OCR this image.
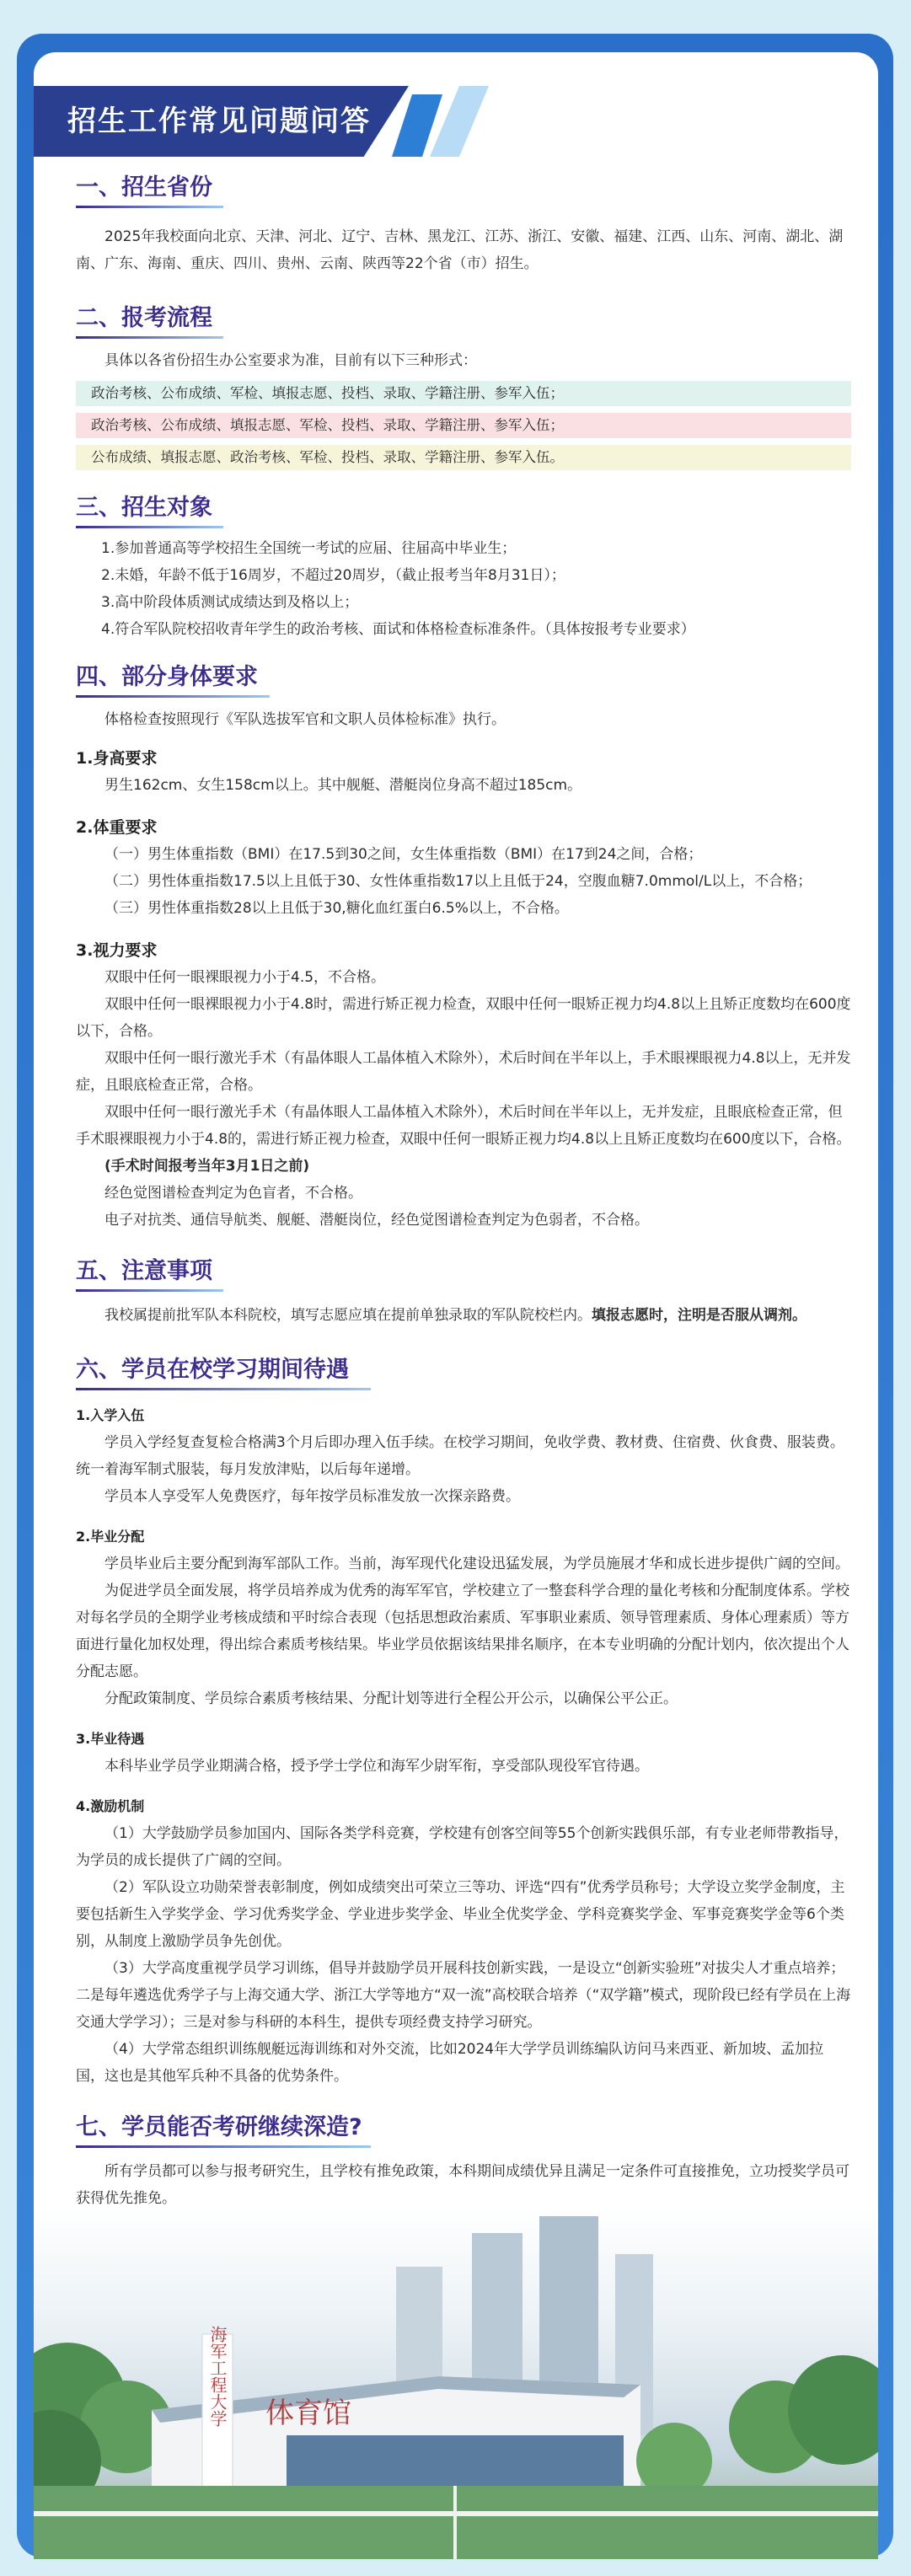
招生工作常见问题问答
海军工程大学 体育馆
一、招生省份

2025年我校面向北京、天津、河北、辽宁、吉林、黑龙江、江苏、浙江、安徽、福建、江西、山东、河南、湖北、湖南、广东、海南、重庆、四川、贵州、云南、陕西等22个省（市）招生。

二、报考流程

具体以各省份招生办公室要求为准，目前有以下三种形式：

政治考核、公布成绩、军检、填报志愿、投档、录取、学籍注册、参军入伍；
政治考核、公布成绩、填报志愿、军检、投档、录取、学籍注册、参军入伍；
公布成绩、填报志愿、政治考核、军检、投档、录取、学籍注册、参军入伍。
三、招生对象

1.参加普通高等学校招生全国统一考试的应届、往届高中毕业生；

2.未婚，年龄不低于16周岁，不超过20周岁，（截止报考当年8月31日）；

3.高中阶段体质测试成绩达到及格以上；

4.符合军队院校招收青年学生的政治考核、面试和体格检查标准条件。（具体按报考专业要求）

四、部分身体要求

体格检查按照现行《军队选拔军官和文职人员体检标准》执行。

1.身高要求

男生162cm、女生158cm以上。其中舰艇、潜艇岗位身高不超过185cm。

2.体重要求

（一）男生体重指数（BMI）在17.5到30之间，女生体重指数（BMI）在17到24之间，合格；

（二）男性体重指数17.5以上且低于30、女性体重指数17以上且低于24，空腹血糖7.0mmol/L以上，不合格；

（三）男性体重指数28以上且低于30,糖化血红蛋白6.5%以上，不合格。

3.视力要求

双眼中任何一眼裸眼视力小于4.5，不合格。

双眼中任何一眼裸眼视力小于4.8时，需进行矫正视力检查，双眼中任何一眼矫正视力均4.8以上且矫正度数均在600度以下，合格。

双眼中任何一眼行激光手术（有晶体眼人工晶体植入术除外），术后时间在半年以上，手术眼裸眼视力4.8以上，无并发症，且眼底检查正常，合格。

双眼中任何一眼行激光手术（有晶体眼人工晶体植入术除外），术后时间在半年以上，无并发症，且眼底检查正常，但手术眼裸眼视力小于4.8的，需进行矫正视力检查，双眼中任何一眼矫正视力均4.8以上且矫正度数均在600度以下，合格。

(手术时间报考当年3月1日之前)

经色觉图谱检查判定为色盲者，不合格。

电子对抗类、通信导航类、舰艇、潜艇岗位，经色觉图谱检查判定为色弱者，不合格。

五、注意事项

我校属提前批军队本科院校，填写志愿应填在提前单独录取的军队院校栏内。填报志愿时，注明是否服从调剂。

六、学员在校学习期间待遇

1.入学入伍

学员入学经复查复检合格满3个月后即办理入伍手续。在校学习期间，免收学费、教材费、住宿费、伙食费、服装费。统一着海军制式服装，每月发放津贴，以后每年递增。

学员本人享受军人免费医疗，每年按学员标准发放一次探亲路费。

2.毕业分配

学员毕业后主要分配到海军部队工作。当前，海军现代化建设迅猛发展，为学员施展才华和成长进步提供广阔的空间。

为促进学员全面发展，将学员培养成为优秀的海军军官，学校建立了一整套科学合理的量化考核和分配制度体系。学校对每名学员的全期学业考核成绩和平时综合表现（包括思想政治素质、军事职业素质、领导管理素质、身体心理素质）等方面进行量化加权处理，得出综合素质考核结果。毕业学员依据该结果排名顺序，在本专业明确的分配计划内，依次提出个人分配志愿。

分配政策制度、学员综合素质考核结果、分配计划等进行全程公开公示，以确保公平公正。

3.毕业待遇

本科毕业学员学业期满合格，授予学士学位和海军少尉军衔，享受部队现役军官待遇。

4.激励机制

（1）大学鼓励学员参加国内、国际各类学科竞赛，学校建有创客空间等55个创新实践俱乐部，有专业老师带教指导，为学员的成长提供了广阔的空间。

（2）军队设立功勋荣誉表彰制度，例如成绩突出可荣立三等功、评选“四有”优秀学员称号；大学设立奖学金制度，主要包括新生入学奖学金、学习优秀奖学金、学业进步奖学金、毕业全优奖学金、学科竞赛奖学金、军事竞赛奖学金等6个类别，从制度上激励学员争先创优。

（3）大学高度重视学员学习训练，倡导并鼓励学员开展科技创新实践，一是设立“创新实验班”对拔尖人才重点培养；二是每年遴选优秀学子与上海交通大学、浙江大学等地方“双一流”高校联合培养（“双学籍”模式，现阶段已经有学员在上海交通大学学习）；三是对参与科研的本科生，提供专项经费支持学习研究。

（4）大学常态组织训练舰艇远海训练和对外交流，比如2024年大学学员训练编队访问马来西亚、新加坡、孟加拉国，这也是其他军兵种不具备的优势条件。

七、学员能否考研继续深造?

所有学员都可以参与报考研究生，且学校有推免政策，本科期间成绩优异且满足一定条件可直接推免，立功授奖学员可获得优先推免。
